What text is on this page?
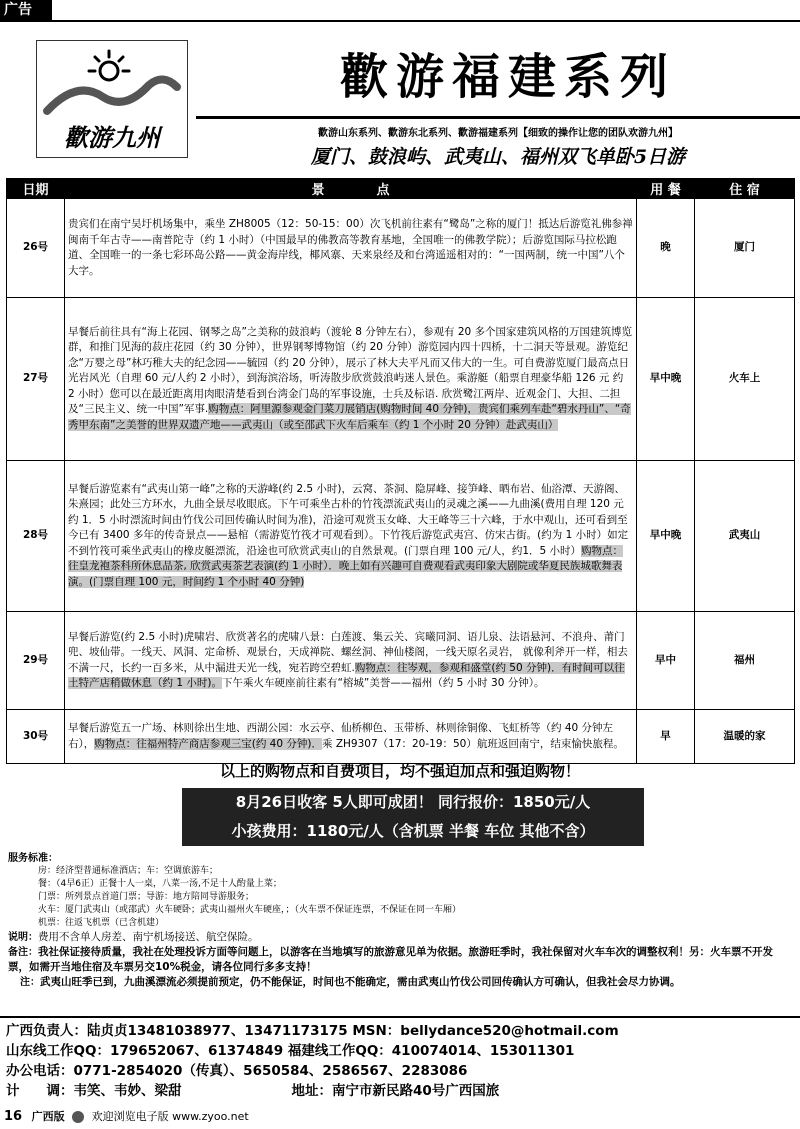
广告
歡游九州
歡游福建系列
歡游山东系列、歡游东北系列、歡游福建系列【细致的操作让您的团队欢游九州】
厦门、鼓浪屿、武夷山、福州双飞单卧5日游
日期	景　　　　点	用 餐	住 宿
26号	贵宾们在南宁吴圩机场集中，乘坐 ZH8005（12：50-15：00）次飞机前往素有“鹭岛”之称的厦门！抵达后游览礼佛参禅闽南千年古寺——南普陀寺（约 1 小时）（中国最早的佛教高等教育基地，全国唯一的佛教学院）；后游览国际马拉松跑道、全国唯一的一条七彩环岛公路——黄金海岸线，椰风寨、天来泉经及和台湾遥遥相对的：“一国两制，统一中国”八个大字。	晚	厦门
27号	早餐后前往具有“海上花园、钢琴之岛”之美称的鼓浪屿（渡轮 8 分钟左右），参观有 20 多个国家建筑风格的万国建筑博览群，和推门见海的菽庄花园（约 30 分钟），世界钢琴博物馆（约 20 分钟）游览园内四十四桥，十二洞天等景观。游览纪念“万婴之母”林巧稚大夫的纪念园——毓园（约 20 分钟），展示了林大夫平凡而又伟大的一生。可自费游览厦门最高点日光岩风光（自理 60 元/人约 2 小时），到海滨浴场，听涛散步欣赏鼓浪屿迷人景色。乘游艇（船票自理豪华船 126 元 约 2 小时）您可以在最近距离用肉眼清楚看到台湾金门岛的军事设施，士兵及标语. 欣赏鹭江两岸、近观金门、大担、二担及“三民主义、统一中国”军事.购物点：阿里源参观金门菜刀展销店(购物时间 40 分钟)，贵宾们乘列车赴“碧水丹山”、“奇秀甲东南”之美誉的世界双遗产地——武夷山（或至邵武下火车后乘车（约 1 个小时 20 分钟）赴武夷山）	早中晚	火车上
28号	早餐后游览素有“武夷山第一峰”之称的天游峰(约 2.5 小时)，云窝、茶洞、隐屏峰、接笋峰、晒布岩、仙浴潭、天游阁、朱熹园；此处三方环水，九曲全景尽收眼底。下午可乘坐古朴的竹筏漂流武夷山的灵魂之溪——九曲溪(费用自理 120 元 约 1．5 小时漂流时间由竹伐公司回传确认时间为准)，沿途可观赏玉女峰、大王峰等三十六峰，于水中观山，还可看到至今已有 3400 多年的传奇景点——悬棺（需游览竹筏才可观看到）。下竹筏后游览武夷宫、仿宋古街。(约为 1 小时）如定不到竹筏可乘坐武夷山的橡皮艇漂流，沿途也可欣赏武夷山的自然景观。(门票自理 100 元/人，约1．5 小时）购物点：往皇龙袍茶科所休息品茶, 欣赏武夷茶艺表演(约 1 小时）．晚上如有兴趣可自费观看武夷印象大剧院或华夏民族城歌舞表演。(门票自理 100 元，时间约 1 个小时 40 分钟)	早中晚	武夷山
29号	早餐后游览(约 2.5 小时)虎啸岩、欣赏著名的虎啸八景：白莲渡、集云关、宾曦同洞、语儿泉、法语悬河、不浪舟、莆门兜、坡仙带。一线天、风洞、定命桥、观景台，天成禅院、螺丝洞、神仙楼阁，一线天原名灵岩， 就像利斧开一样，相去不满一尺，长约一百多米，从中漏进天光一线，宛若跨空碧虹.购物点：往岑观，参观和盛堂(约 50 分钟)．有时间可以往土特产店稍做休息（约 1 小时)。下午乘火车硬座前往素有“榕城”美誉——福州（约 5 小时 30 分钟）。	早中	福州
30号	早餐后游览五一广场、林则徐出生地、西湖公园：水云亭、仙桥柳色、玉带桥、林则徐铜像、飞虹桥等（约 40 分钟左右），购物点：往福州特产商店参观三宝(约 40 分钟)．乘 ZH9307（17：20-19：50）航班返回南宁，结束愉快旅程。	早	温暖的家
以上的购物点和自费项目，均不强迫加点和强迫购物！
8月26日收客 5人即可成团！ 同行报价：1850元/人
小孩费用：1180元/人（含机票 半餐 车位 其他不含）
服务标准：
房：经济型普通标准酒店；车：空调旅游车；
餐：（4早6正）正餐十人一桌，八菜一汤,不足十人酌量上菜；
门票：所列景点首道门票；导游：地方陪同导游服务；
火车：厦门武夷山（或邵武）火车硬卧；武夷山福州火车硬座，；（火车票不保证连票，不保证在同一车厢）
机票：往返飞机票（已含机建）
说明：费用不含单人房差、南宁机场接送、航空保险。
备注：我社保证接待质量，我社在处理投诉方面等问题上，以游客在当地填写的旅游意见单为依据。旅游旺季时，我社保留对火车车次的调整权利！另：火车票不开发票，如需开当地住宿及车票另交10%税金，请各位同行多多支持！
注：武夷山旺季已到，九曲溪漂流必须提前预定，仍不能保证，时间也不能确定，需由武夷山竹伐公司回传确认方可确认，但我社会尽力协调。
广西负责人：陆贞贞13481038977、13471173175 MSN：bellydance520@hotmail.com
山东线工作QQ：179652067、61374849 福建线工作QQ：410074014、153011301
办公电话：0771-2854020（传真）、5650584、2586567、2283086
计　　调：韦笑、韦妙、梁甜	地址：南宁市新民路40号广西国旅
16 广西版 欢迎浏览电子版 www.zyoo.net
